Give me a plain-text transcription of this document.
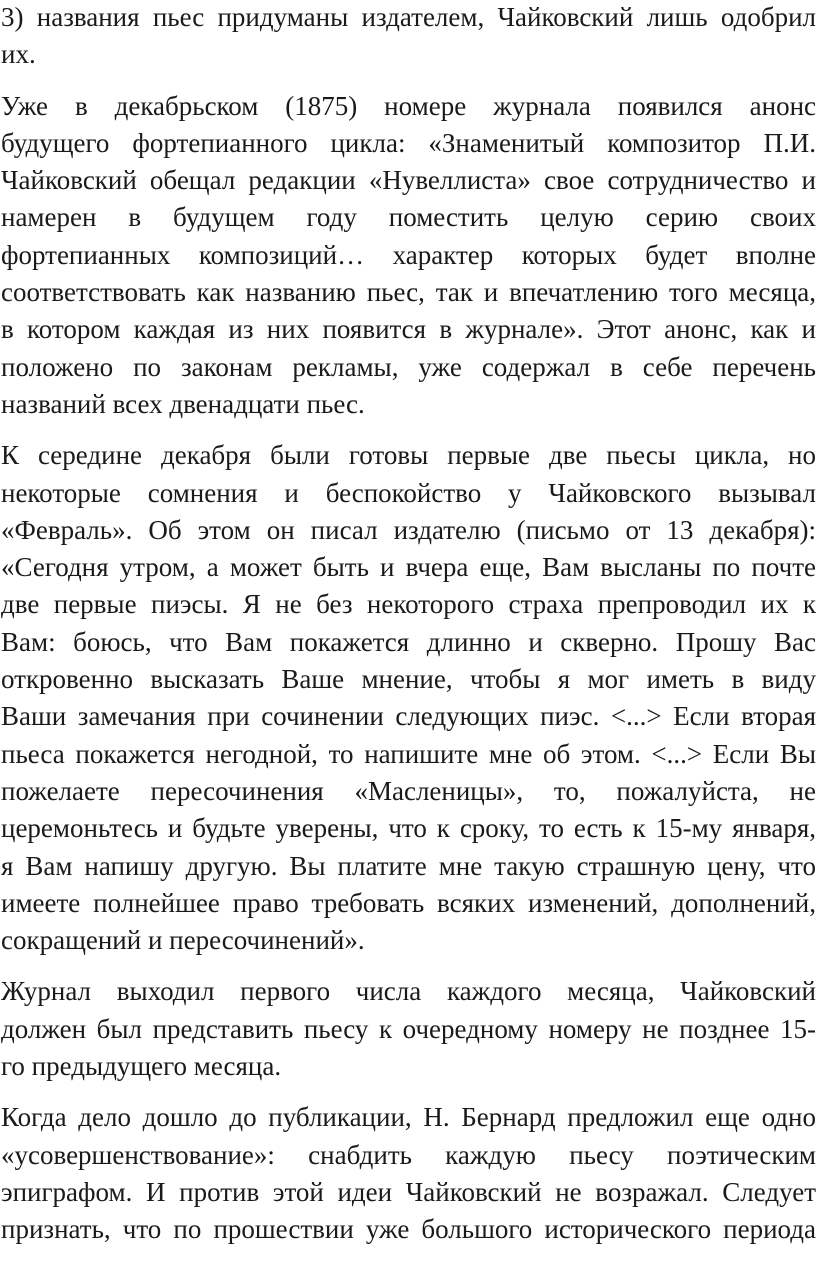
3) названия пьес придуманы издателем, Чайковский лишь одобрил
их.

Уже в декабрьском (1875) номере журнала появился анонс
будущего фортепианного цикла: «Знаменитый композитор П.И.
Чайковский обещал редакции «Нувеллиста» свое сотрудничество и
намерен в будущем году поместить целую серию своих
фортепианных композиций… характер которых будет вполне
соответствовать как названию пьес, так и впечатлению того месяца,
в котором каждая из них появится в журнале». Этот анонс, как и
положено по законам рекламы, уже содержал в себе перечень
названий всех двенадцати пьес.

К середине декабря были готовы первые две пьесы цикла, но
некоторые сомнения и беспокойство у Чайковского вызывал
«Февраль». Об этом он писал издателю (письмо от 13 декабря):
«Сегодня утром, а может быть и вчера еще, Вам высланы по почте
две первые пиэсы. Я не без некоторого страха препроводил их к
Вам: боюсь, что Вам покажется длинно и скверно. Прошу Вас
откровенно высказать Ваше мнение, чтобы я мог иметь в виду
Ваши замечания при сочинении следующих пиэс. <...> Если вторая
пьеса покажется негодной, то напишите мне об этом. <...> Если Вы
пожелаете пересочинения «Масленицы», то, пожалуйста, не
церемоньтесь и будьте уверены, что к сроку, то есть к 15-му января,
я Вам напишу другую. Вы платите мне такую страшную цену, что
имеете полнейшее право требовать всяких изменений, дополнений,
сокращений и пересочинений».

Журнал выходил первого числа каждого месяца, Чайковский
должен был представить пьесу к очередному номеру не позднее 15-
го предыдущего месяца.

Когда дело дошло до публикации, Н. Бернард предложил еще одно
«усовершенствование»: снабдить каждую пьесу поэтическим
эпиграфом. И против этой идеи Чайковский не возражал. Следует
признать, что по прошествии уже большого исторического периода
